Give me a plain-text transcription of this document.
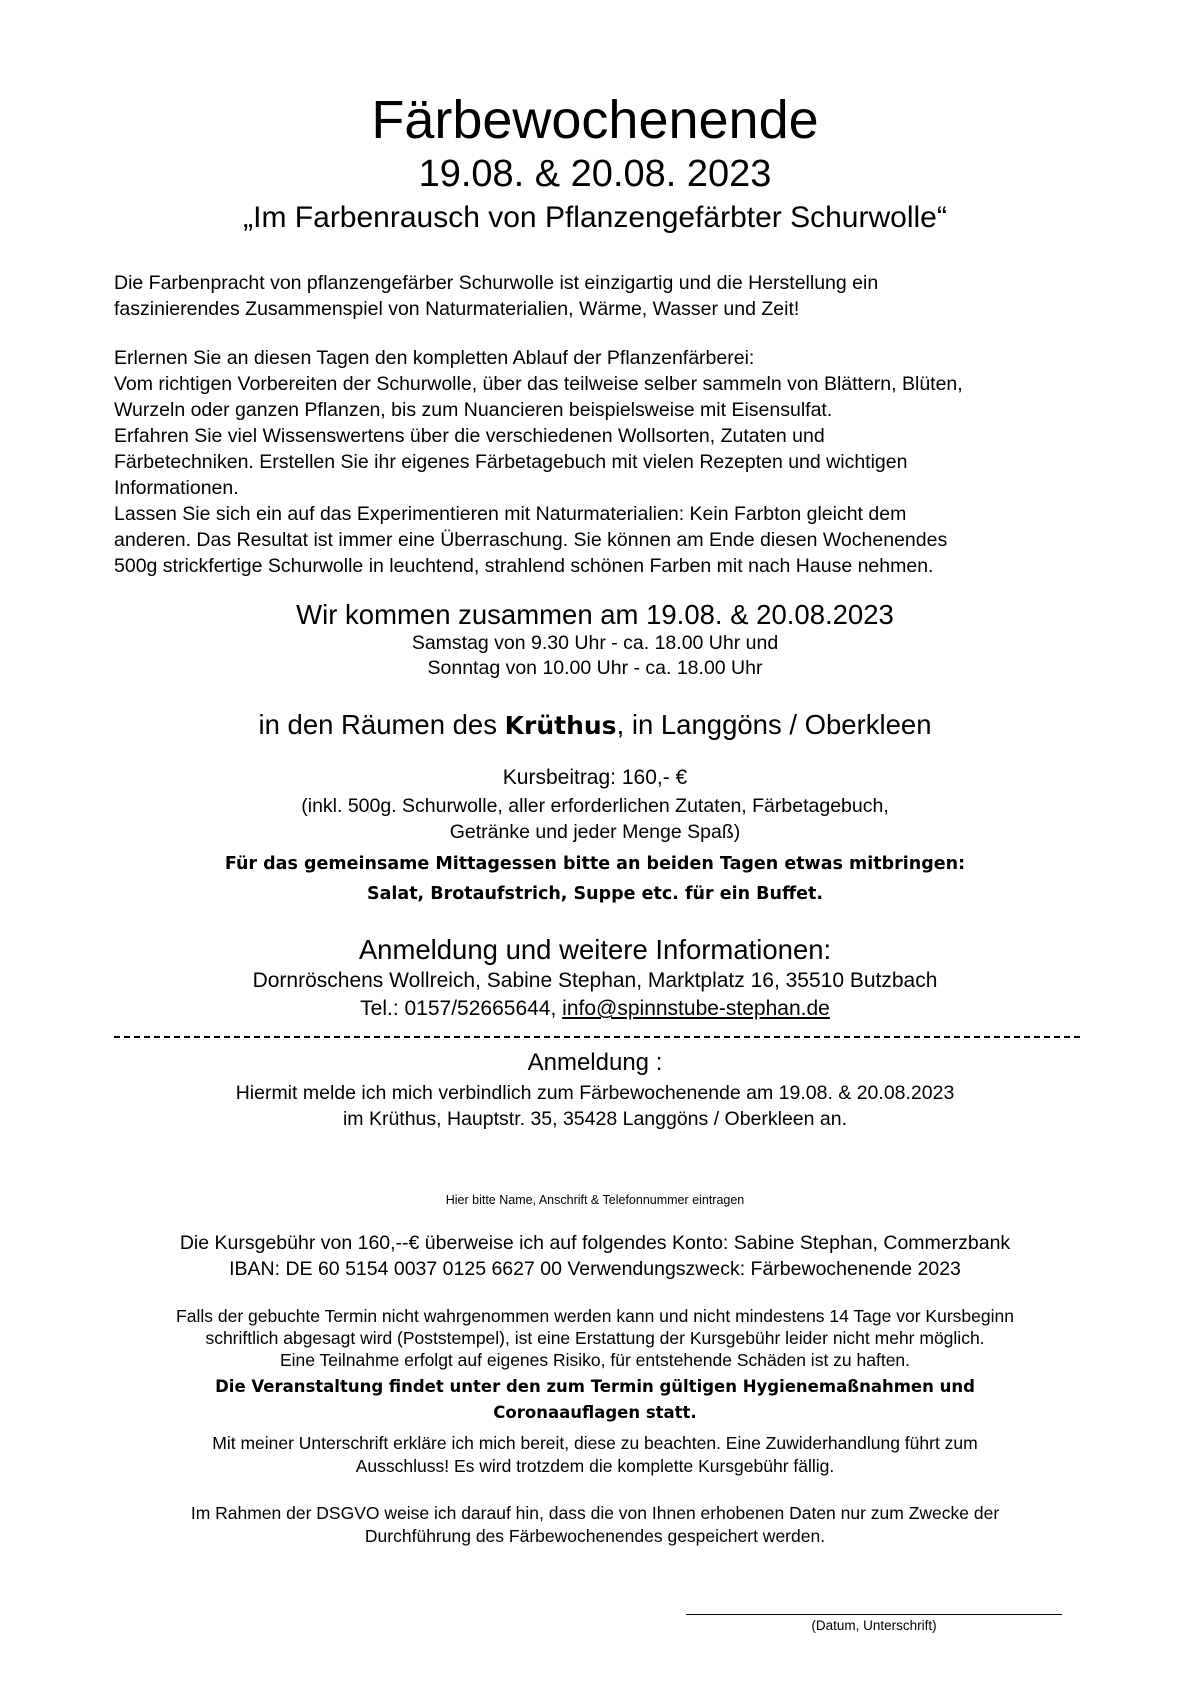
Färbewochenende
19.08. & 20.08. 2023
„Im Farbenrausch von Pflanzengefärbter Schurwolle“
Die Farbenpracht von pflanzengefärber Schurwolle ist einzigartig und die Herstellung ein
faszinierendes Zusammenspiel von Naturmaterialien, Wärme, Wasser und Zeit!
Erlernen Sie an diesen Tagen den kompletten Ablauf der Pflanzenfärberei:
Vom richtigen Vorbereiten der Schurwolle, über das teilweise selber sammeln von Blättern, Blüten,
Wurzeln oder ganzen Pflanzen, bis zum Nuancieren beispielsweise mit Eisensulfat.
Erfahren Sie viel Wissenswertens über die verschiedenen Wollsorten, Zutaten und
Färbetechniken. Erstellen Sie ihr eigenes Färbetagebuch mit vielen Rezepten und wichtigen
Informationen.
Lassen Sie sich ein auf das Experimentieren mit Naturmaterialien: Kein Farbton gleicht dem
anderen. Das Resultat ist immer eine Überraschung. Sie können am Ende diesen Wochenendes
500g strickfertige Schurwolle in leuchtend, strahlend schönen Farben mit nach Hause nehmen.
Wir kommen zusammen am 19.08. & 20.08.2023
Samstag von 9.30 Uhr - ca. 18.00 Uhr und
Sonntag von 10.00 Uhr - ca. 18.00 Uhr
in den Räumen des Krüthus, in Langgöns / Oberkleen
Kursbeitrag: 160,- €
(inkl. 500g. Schurwolle, aller erforderlichen Zutaten, Färbetagebuch,
Getränke und jeder Menge Spaß)
Für das gemeinsame Mittagessen bitte an beiden Tagen etwas mitbringen:
Salat, Brotaufstrich, Suppe etc. für ein Buffet.
Anmeldung und weitere Informationen:
Dornröschens Wollreich, Sabine Stephan, Marktplatz 16, 35510 Butzbach
Tel.: 0157/52665644, info@spinnstube-stephan.de
Anmeldung :
Hiermit melde ich mich verbindlich zum Färbewochenende am 19.08. & 20.08.2023
im Krüthus, Hauptstr. 35, 35428 Langgöns / Oberkleen an.
Hier bitte Name, Anschrift & Telefonnummer eintragen
Die Kursgebühr von 160,--€ überweise ich auf folgendes Konto: Sabine Stephan, Commerzbank
IBAN: DE 60 5154 0037 0125 6627 00 Verwendungszweck: Färbewochenende 2023
Falls der gebuchte Termin nicht wahrgenommen werden kann und nicht mindestens 14 Tage vor Kursbeginn
schriftlich abgesagt wird (Poststempel), ist eine Erstattung der Kursgebühr leider nicht mehr möglich.
Eine Teilnahme erfolgt auf eigenes Risiko, für entstehende Schäden ist zu haften.
Die Veranstaltung findet unter den zum Termin gültigen Hygienemaßnahmen und
Coronaauflagen statt.
Mit meiner Unterschrift erkläre ich mich bereit, diese zu beachten. Eine Zuwiderhandlung führt zum
Ausschluss! Es wird trotzdem die komplette Kursgebühr fällig.
Im Rahmen der DSGVO weise ich darauf hin, dass die von Ihnen erhobenen Daten nur zum Zwecke der
Durchführung des Färbewochenendes gespeichert werden.
(Datum, Unterschrift)
